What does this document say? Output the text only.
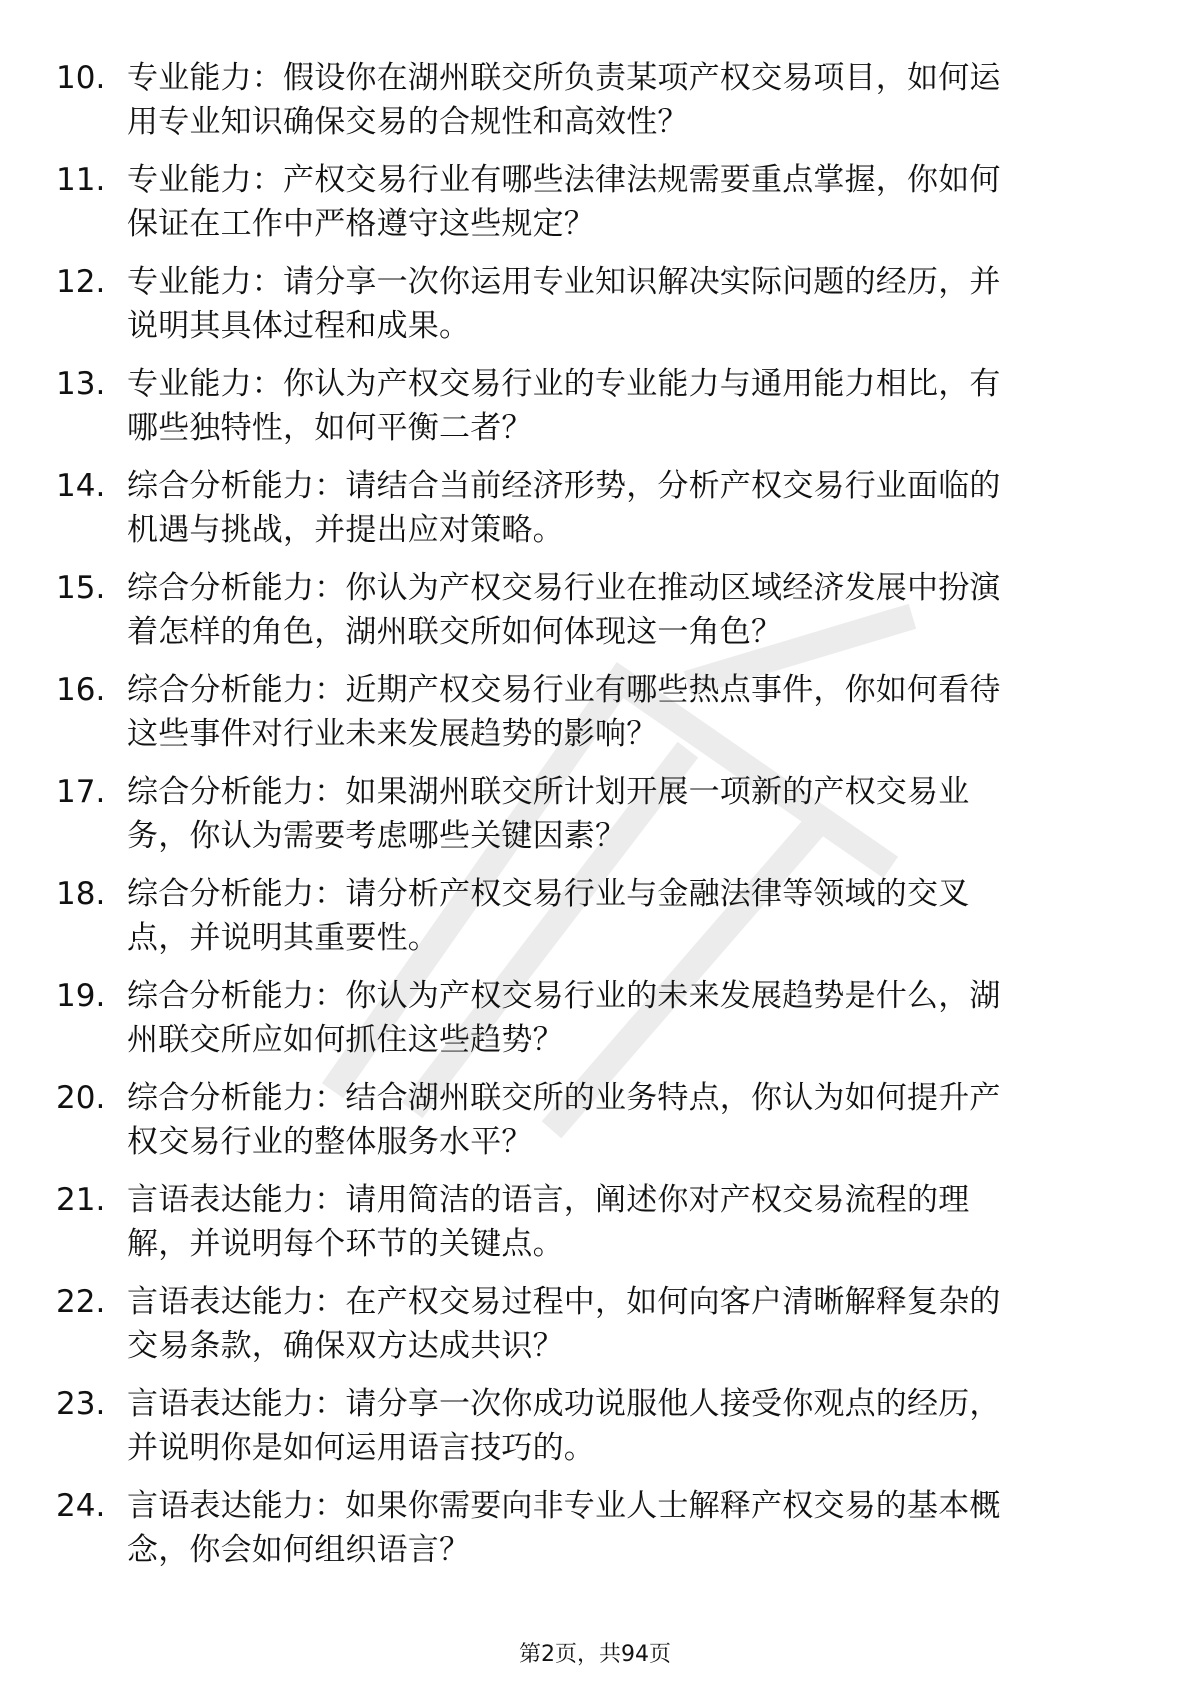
10. 专业能力：假设你在湖州联交所负责某项产权交易项目，如何运
用专业知识确保交易的合规性和高效性？
11. 专业能力：产权交易行业有哪些法律法规需要重点掌握，你如何
保证在工作中严格遵守这些规定？
12. 专业能力：请分享一次你运用专业知识解决实际问题的经历，并
说明其具体过程和成果。
13. 专业能力：你认为产权交易行业的专业能力与通用能力相比，有
哪些独特性，如何平衡二者？
14. 综合分析能力：请结合当前经济形势，分析产权交易行业面临的
机遇与挑战，并提出应对策略。
15. 综合分析能力：你认为产权交易行业在推动区域经济发展中扮演
着怎样的角色，湖州联交所如何体现这一角色？
16. 综合分析能力：近期产权交易行业有哪些热点事件，你如何看待
这些事件对行业未来发展趋势的影响？
17. 综合分析能力：如果湖州联交所计划开展一项新的产权交易业
务，你认为需要考虑哪些关键因素？
18. 综合分析能力：请分析产权交易行业与金融法律等领域的交叉
点，并说明其重要性。
19. 综合分析能力：你认为产权交易行业的未来发展趋势是什么，湖
州联交所应如何抓住这些趋势？
20. 综合分析能力：结合湖州联交所的业务特点，你认为如何提升产
权交易行业的整体服务水平？
21. 言语表达能力：请用简洁的语言，阐述你对产权交易流程的理
解，并说明每个环节的关键点。
22. 言语表达能力：在产权交易过程中，如何向客户清晰解释复杂的
交易条款，确保双方达成共识？
23. 言语表达能力：请分享一次你成功说服他人接受你观点的经历，
并说明你是如何运用语言技巧的。
24. 言语表达能力：如果你需要向非专业人士解释产权交易的基本概
念，你会如何组织语言？
第2页，共94页
